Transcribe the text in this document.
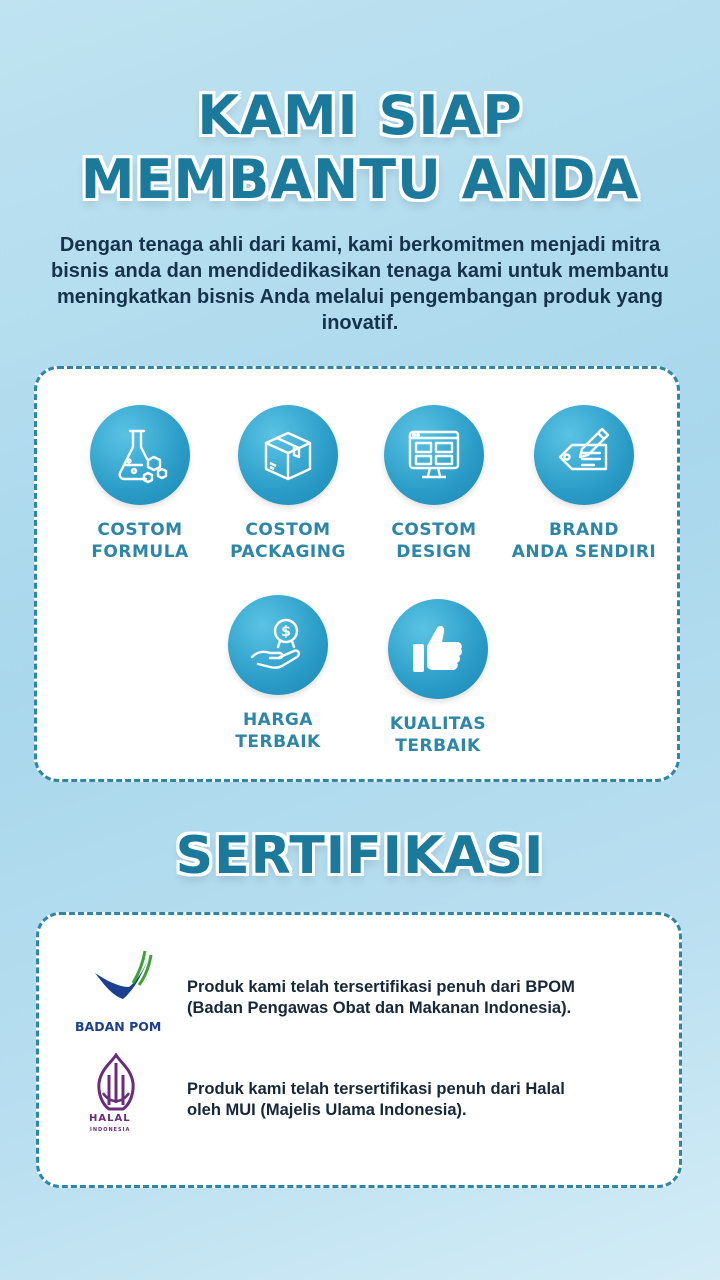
KAMI SIAP
MEMBANTU ANDA

Dengan tenaga ahli dari kami, kami berkomitmen menjadi mitra bisnis anda dan mendidedikasikan tenaga kami untuk membantu meningkatkan bisnis Anda melalui pengembangan produk yang inovatif.

COSTOM
FORMULA
COSTOM
PACKAGING
COSTOM
DESIGN
BRAND
ANDA SENDIRI
$
HARGA
TERBAIK
KUALITAS
TERBAIK
SERTIFIKASI
BADAN POM
Produk kami telah tersertifikasi penuh dari BPOM
(Badan Pengawas Obat dan Makanan Indonesia).
HALAL
INDONESIA
Produk kami telah tersertifikasi penuh dari Halal
oleh MUI (Majelis Ulama Indonesia).
